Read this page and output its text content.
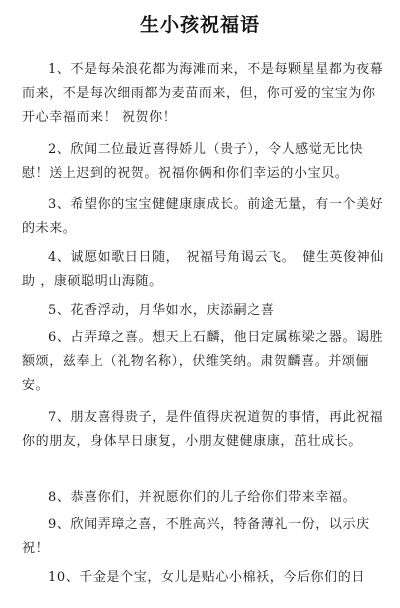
生小孩祝福语

1、不是每朵浪花都为海滩而来，不是每颗星星都为夜幕而来，不是每次细雨都为麦苗而来，但，你可爱的宝宝为你开心幸福而来！ 祝贺你！

2、欣闻二位最近喜得娇儿（贵子），令人感觉无比快慰！送上迟到的祝贺。祝福你俩和你们幸运的小宝贝。

3、希望你的宝宝健健康康成长。前途无量，有一个美好的未来。

4、诚愿如歌日日随，　祝福号角谒云飞。　健生英俊神仙助 ，康硕聪明山海随。

5、花香浮动，月华如水，庆添嗣之喜

6、占弄璋之喜。想天上石麟，他日定属栋梁之器。谒胜额颂，兹奉上（礼物名称），伏维笑纳。肃贺麟喜。并颂俪安。

7、朋友喜得贵子，是件值得庆祝道贺的事情，再此祝福你的朋友，身体早日康复，小朋友健健康康，茁壮成长。

8、恭喜你们，并祝愿你们的儿子给你们带来幸福。

9、欣闻弄璋之喜，不胜高兴，特备薄礼一份，以示庆祝！

10、千金是个宝，女儿是贴心小棉袄，今后你们的日
